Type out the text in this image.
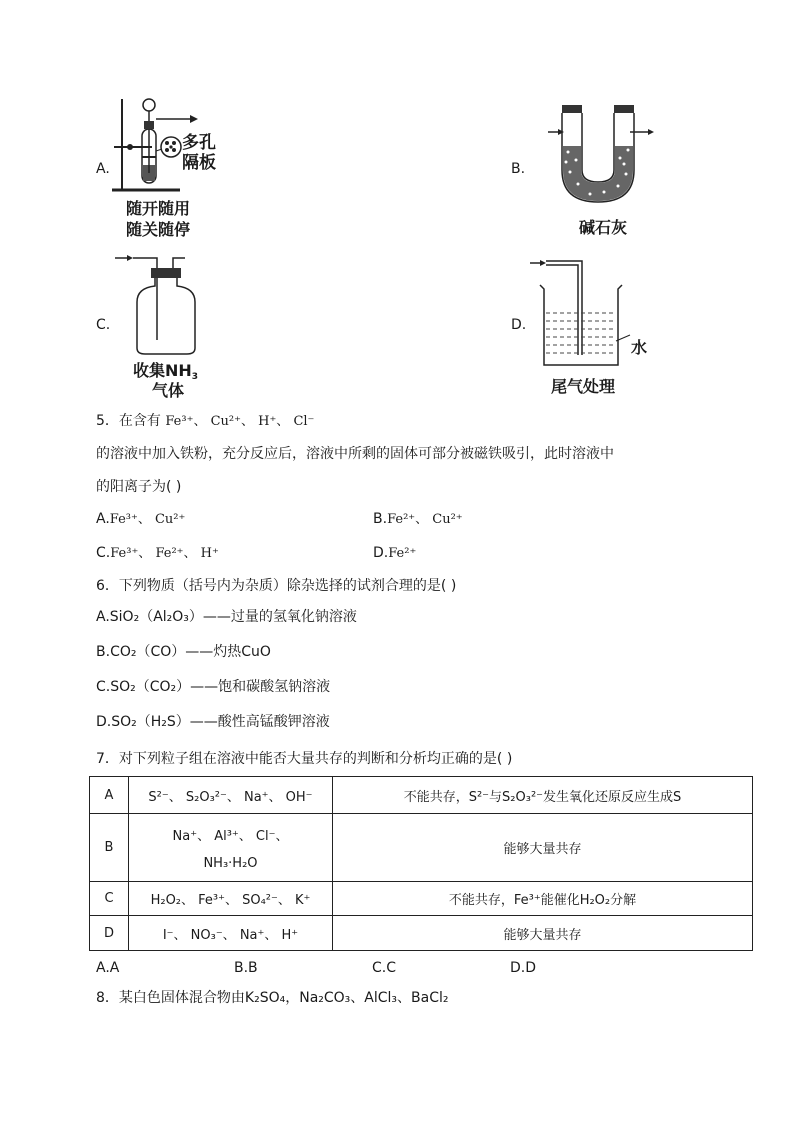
A.
多孔
隔板
随开随用
随关随停
B.
碱石灰
C.
收集$NH_3$
气体
D.
水
尾气处理
5．在含有 Fe³⁺、 Cu²⁺、 H⁺、 Cl⁻
的溶液中加入铁粉，充分反应后，溶液中所剩的固体可部分被磁铁吸引，此时溶液中
的阳离子为( )
A.Fe³⁺、 Cu²⁺	B.Fe²⁺、 Cu²⁺
C.Fe³⁺、 Fe²⁺、 H⁺	D.Fe²⁺
6．下列物质（括号内为杂质）除杂选择的试剂合理的是( )
A.SiO₂（Al₂O₃）——过量的氢氧化钠溶液
B.CO₂（CO）——灼热CuO
C.SO₂（CO₂）——饱和碳酸氢钠溶液
D.SO₂（H₂S）——酸性高锰酸钾溶液
7．对下列粒子组在溶液中能否大量共存的判断和分析均正确的是( )
A	S²⁻、 S₂O₃²⁻、 Na⁺、 OH⁻	不能共存，S²⁻与S₂O₃²⁻发生氧化还原反应生成S
B	Na⁺、 Al³⁺、 Cl⁻、
NH₃·H₂O	能够大量共存
C	H₂O₂、 Fe³⁺、 SO₄²⁻、 K⁺	不能共存，Fe³⁺能催化H₂O₂分解
D	I⁻、 NO₃⁻、 Na⁺、 H⁺	能够大量共存
A.A	B.B	C.C	D.D
8．某白色固体混合物由K₂SO₄，Na₂CO₃、AlCl₃、BaCl₂
